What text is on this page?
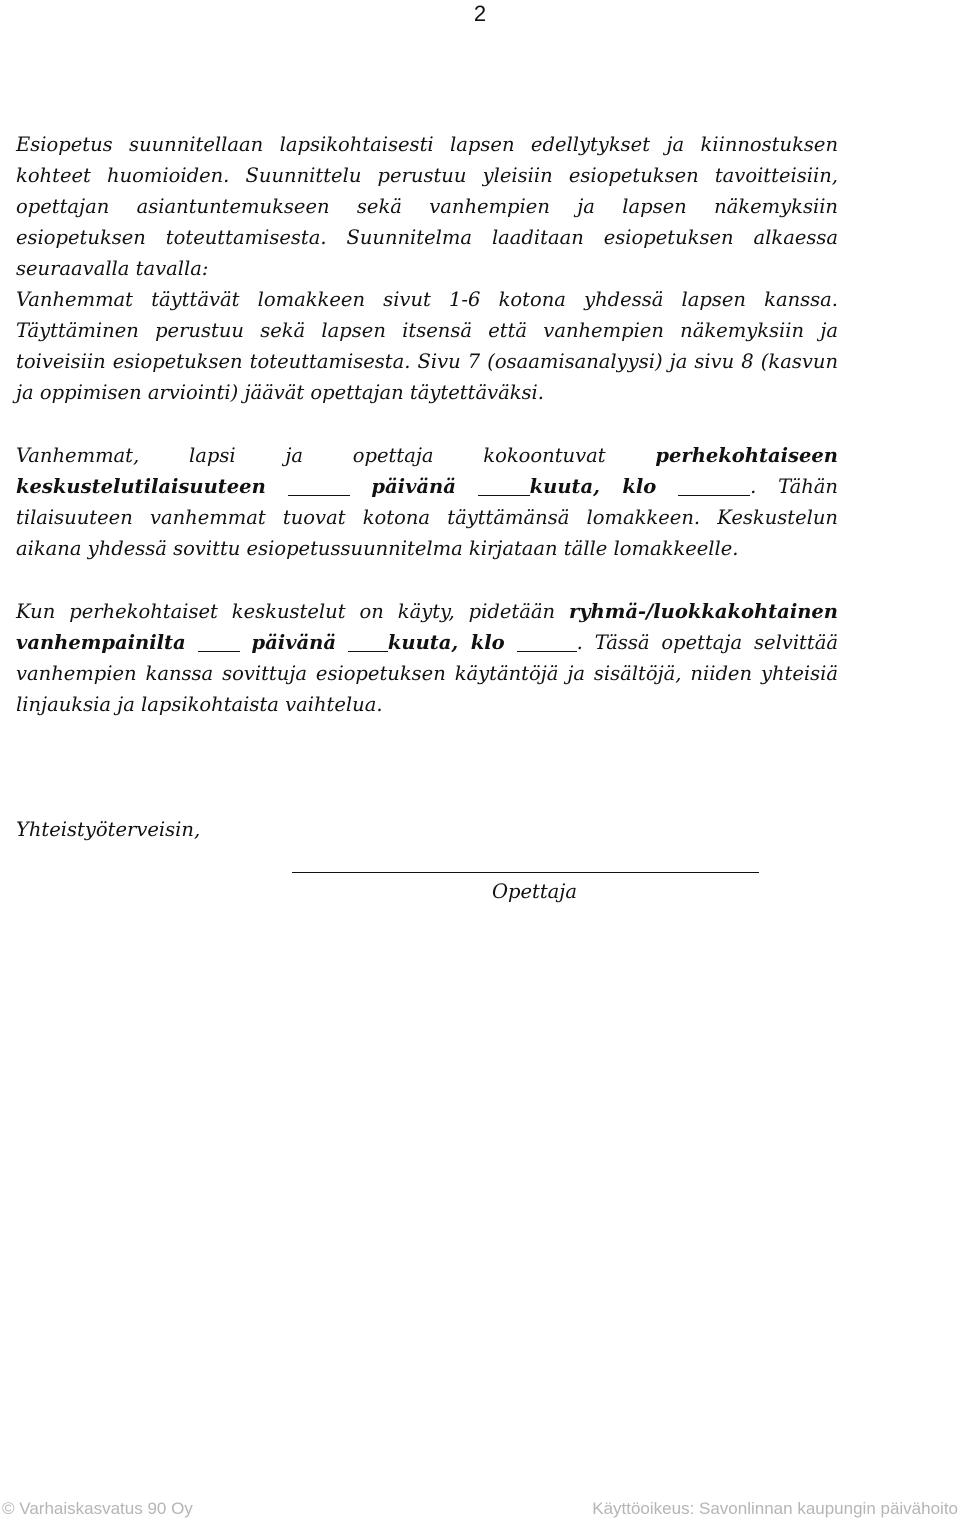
2

Esiopetus suunnitellaan lapsikohtaisesti lapsen edellytykset ja kiinnostuksen kohteet huomioiden. Suunnittelu perustuu yleisiin esiopetuksen tavoitteisiin, opettajan asiantuntemukseen sekä vanhempien ja lapsen näkemyksiin esiopetuksen toteuttamisesta. Suunnitelma laaditaan esiopetuksen alkaessa seuraavalla tavalla:

Vanhemmat täyttävät lomakkeen sivut 1-6 kotona yhdessä lapsen kanssa. Täyttäminen perustuu sekä lapsen itsensä että vanhempien näkemyksiin ja toiveisiin esiopetuksen toteuttamisesta. Sivu 7 (osaamisanalyysi) ja sivu 8 (kasvun ja oppimisen arviointi) jäävät opettajan täytettäväksi.

Vanhemmat, lapsi ja opettaja kokoontuvat	perhekohtaiseen keskustelutilaisuuteen	päivänä	kuuta, klo	. Tähän tilaisuuteen vanhemmat tuovat kotona täyttämänsä lomakkeen. Keskustelun aikana yhdessä sovittu esiopetussuunnitelma kirjataan tälle lomakkeelle.

Kun perhekohtaiset keskustelut on käyty, pidetään ryhmä-/luokkakohtainen vanhempainilta	päivänä	kuuta, klo	. Tässä opettaja selvittää vanhempien kanssa sovittuja esiopetuksen käytäntöjä ja sisältöjä, niiden yhteisiä linjauksia ja lapsikohtaista vaihtelua.

Yhteistyöterveisin,

Opettaja
© Varhaiskasvatus 90 Oy	Käyttöoikeus: Savonlinnan kaupungin päivähoito
